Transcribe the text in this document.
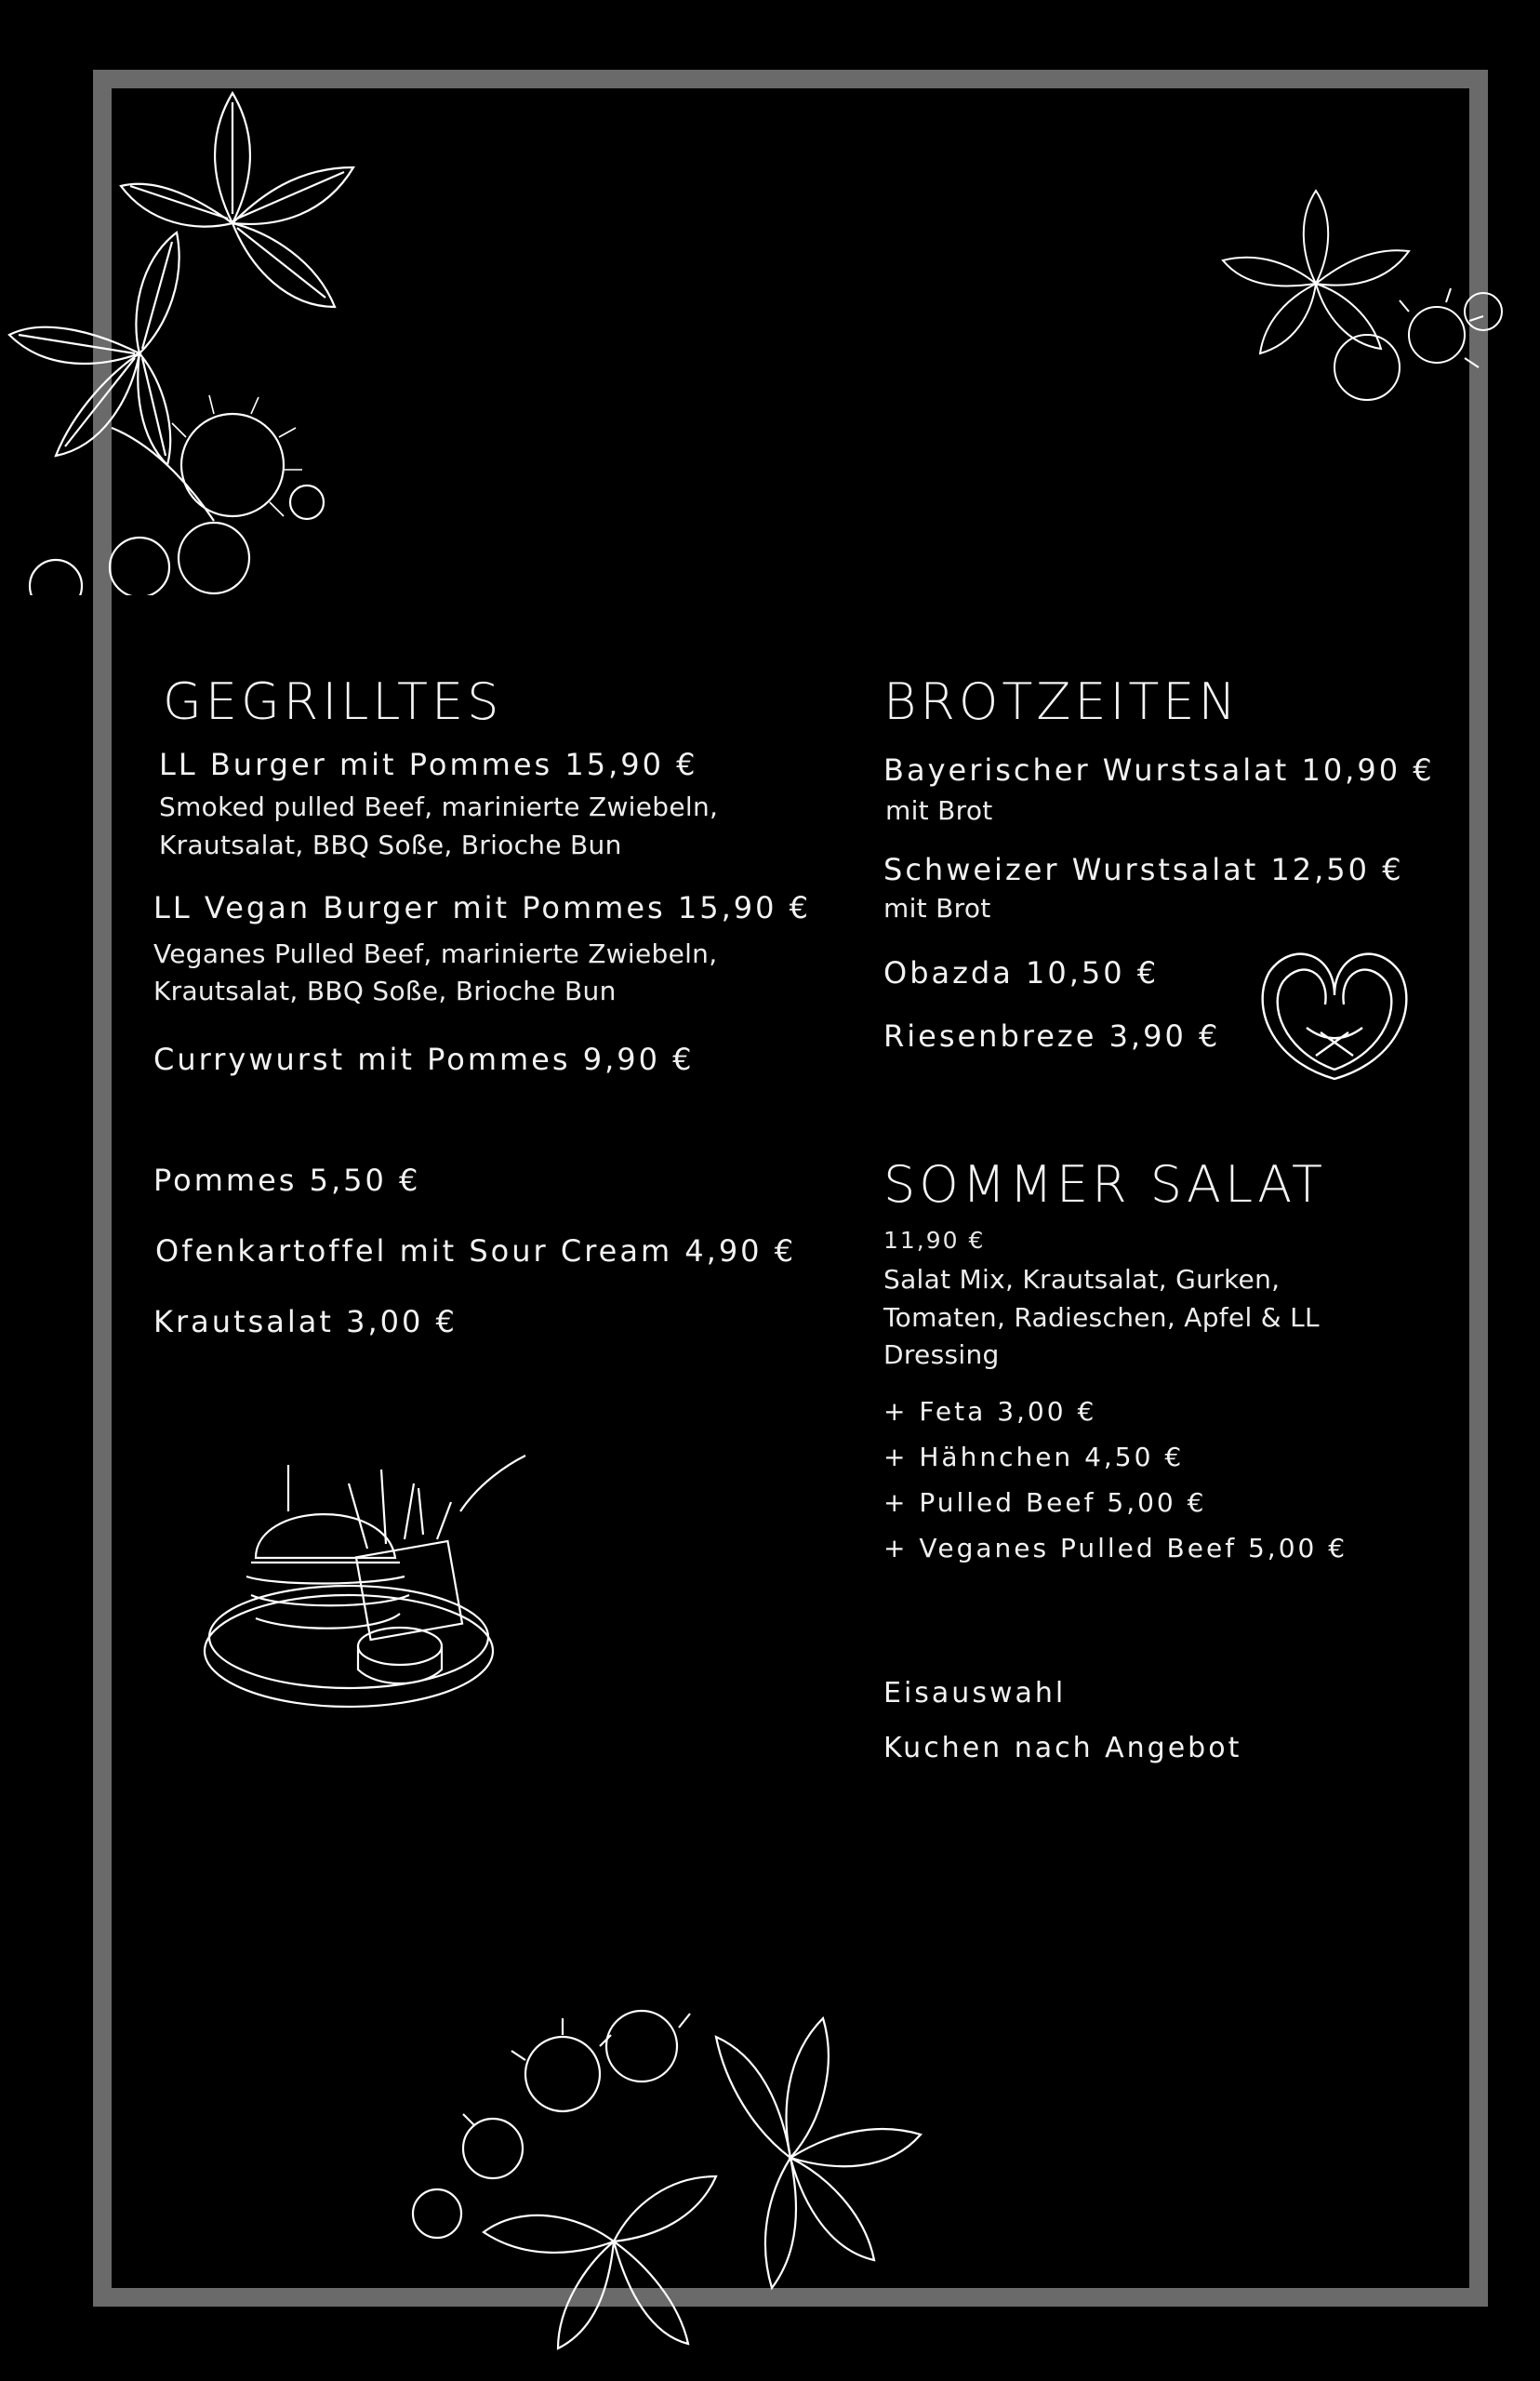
GEGRILLTES
LL Burger mit Pommes 15,90 €
Smoked pulled Beef, marinierte Zwiebeln,
Krautsalat, BBQ Soße, Brioche Bun
LL Vegan Burger mit Pommes 15,90 €
Veganes Pulled Beef, marinierte Zwiebeln,
Krautsalat, BBQ Soße, Brioche Bun
Currywurst mit Pommes 9,90 €
Pommes 5,50 €
Ofenkartoffel mit Sour Cream 4,90 €
Krautsalat 3,00 €
BROTZEITEN
Bayerischer Wurstsalat 10,90 €
mit Brot
Schweizer Wurstsalat 12,50 €
mit Brot
Obazda 10,50 €
Riesenbreze 3,90 €
SOMMER SALAT
11,90 €
Salat Mix, Krautsalat, Gurken,
Tomaten, Radieschen, Apfel & LL
Dressing
+ Feta 3,00 €
+ Hähnchen 4,50 €
+ Pulled Beef 5,00 €
+ Veganes Pulled Beef 5,00 €
Eisauswahl
Kuchen nach Angebot
